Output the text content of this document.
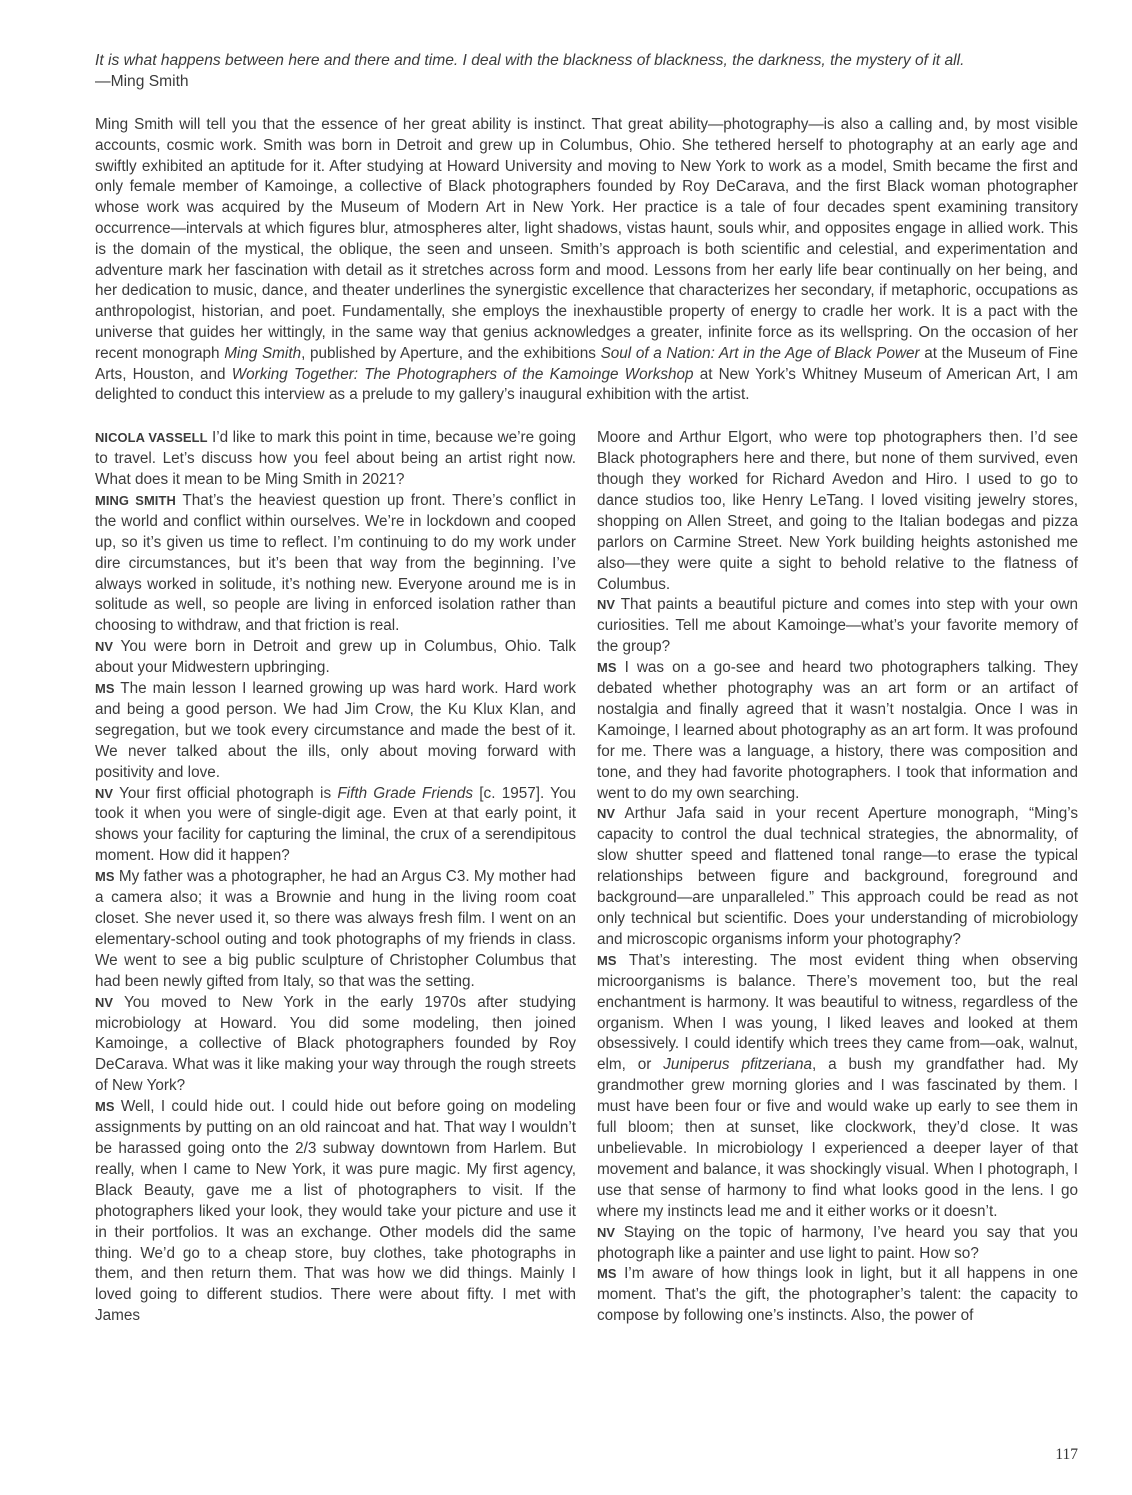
It is what happens between here and there and time. I deal with the blackness of blackness, the darkness, the mystery of it all.
—Ming Smith

Ming Smith will tell you that the essence of her great ability is instinct. That great ability—photography—is also a calling and, by most visible accounts, cosmic work. Smith was born in Detroit and grew up in Columbus, Ohio. She tethered herself to photography at an early age and swiftly exhibited an aptitude for it. After studying at Howard University and moving to New York to work as a model, Smith became the first and only female member of Kamoinge, a collective of Black photographers founded by Roy DeCarava, and the first Black woman photographer whose work was acquired by the Museum of Modern Art in New York. Her practice is a tale of four decades spent examining transitory occurrence—intervals at which figures blur, atmospheres alter, light shadows, vistas haunt, souls whir, and opposites engage in allied work. This is the domain of the mystical, the oblique, the seen and unseen. Smith’s approach is both scientific and celestial, and experimentation and adventure mark her fascination with detail as it stretches across form and mood. Lessons from her early life bear continually on her being, and her dedication to music, dance, and theater underlines the synergistic excellence that characterizes her secondary, if metaphoric, occupations as anthropologist, historian, and poet. Fundamentally, she employs the inexhaustible property of energy to cradle her work. It is a pact with the universe that guides her wittingly, in the same way that genius acknowledges a greater, infinite force as its wellspring. On the occasion of her recent monograph Ming Smith, published by Aperture, and the exhibitions Soul of a Nation: Art in the Age of Black Power at the Museum of Fine Arts, Houston, and Working Together: The Photographers of the Kamoinge Workshop at New York’s Whitney Museum of American Art, I am delighted to conduct this interview as a prelude to my gallery’s inaugural exhibition with the artist.

NICOLA VASSELL I’d like to mark this point in time, because we’re going to travel. Let’s discuss how you feel about being an artist right now. What does it mean to be Ming Smith in 2021?

MING SMITH That’s the heaviest question up front. There’s conflict in the world and conflict within ourselves. We’re in lockdown and cooped up, so it’s given us time to reflect. I’m continuing to do my work under dire circumstances, but it’s been that way from the beginning. I’ve always worked in solitude, it’s nothing new. Everyone around me is in solitude as well, so people are living in enforced isolation rather than choosing to withdraw, and that friction is real.

NV You were born in Detroit and grew up in Columbus, Ohio. Talk about your Midwestern upbringing.

MS The main lesson I learned growing up was hard work. Hard work and being a good person. We had Jim Crow, the Ku Klux Klan, and segregation, but we took every circumstance and made the best of it. We never talked about the ills, only about moving forward with positivity and love.

NV Your first official photograph is Fifth Grade Friends [c. 1957]. You took it when you were of single-digit age. Even at that early point, it shows your facility for capturing the liminal, the crux of a serendipitous moment. How did it happen?

MS My father was a photographer, he had an Argus C3. My mother had a camera also; it was a Brownie and hung in the living room coat closet. She never used it, so there was always fresh film. I went on an elementary-school outing and took photographs of my friends in class. We went to see a big public sculpture of Christopher Columbus that had been newly gifted from Italy, so that was the setting.

NV You moved to New York in the early 1970s after studying microbiology at Howard. You did some modeling, then joined Kamoinge, a collective of Black photographers founded by Roy DeCarava. What was it like making your way through the rough streets of New York?

MS Well, I could hide out. I could hide out before going on modeling assignments by putting on an old raincoat and hat. That way I wouldn’t be harassed going onto the 2/3 subway downtown from Harlem. But really, when I came to New York, it was pure magic. My first agency, Black Beauty, gave me a list of photographers to visit. If the photographers liked your look, they would take your picture and use it in their portfolios. It was an exchange. Other models did the same thing. We’d go to a cheap store, buy clothes, take photographs in them, and then return them. That was how we did things. Mainly I loved going to different studios. There were about fifty. I met with James

Moore and Arthur Elgort, who were top photographers then. I’d see Black photographers here and there, but none of them survived, even though they worked for Richard Avedon and Hiro. I used to go to dance studios too, like Henry LeTang. I loved visiting jewelry stores, shopping on Allen Street, and going to the Italian bodegas and pizza parlors on Carmine Street. New York building heights astonished me also—they were quite a sight to behold relative to the flatness of Columbus.

NV That paints a beautiful picture and comes into step with your own curiosities. Tell me about Kamoinge—what’s your favorite memory of the group?

MS I was on a go-see and heard two photographers talking. They debated whether photography was an art form or an artifact of nostalgia and finally agreed that it wasn’t nostalgia. Once I was in Kamoinge, I learned about photography as an art form. It was profound for me. There was a language, a history, there was composition and tone, and they had favorite photographers. I took that information and went to do my own searching.

NV Arthur Jafa said in your recent Aperture monograph, “Ming’s capacity to control the dual technical strategies, the abnormality, of slow shutter speed and flattened tonal range—to erase the typical relationships between figure and background, foreground and background—are unparalleled.” This approach could be read as not only technical but scientific. Does your understanding of microbiology and microscopic organisms inform your photography?

MS That’s interesting. The most evident thing when observing microorganisms is balance. There’s movement too, but the real enchantment is harmony. It was beautiful to witness, regardless of the organism. When I was young, I liked leaves and looked at them obsessively. I could identify which trees they came from—oak, walnut, elm, or Juniperus pfitzeriana, a bush my grandfather had. My grandmother grew morning glories and I was fascinated by them. I must have been four or five and would wake up early to see them in full bloom; then at sunset, like clockwork, they’d close. It was unbelievable. In microbiology I experienced a deeper layer of that movement and balance, it was shockingly visual. When I photograph, I use that sense of harmony to find what looks good in the lens. I go where my instincts lead me and it either works or it doesn’t.

NV Staying on the topic of harmony, I’ve heard you say that you photograph like a painter and use light to paint. How so?

MS I’m aware of how things look in light, but it all happens in one moment. That’s the gift, the photographer’s talent: the capacity to compose by following one’s instincts. Also, the power of

117
